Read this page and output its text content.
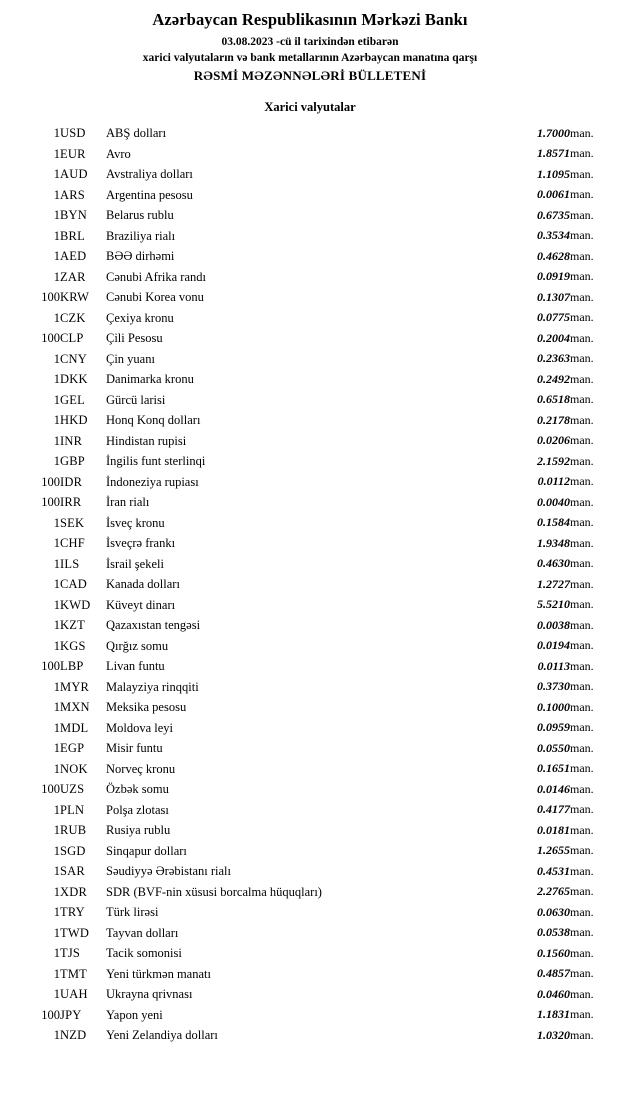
Azərbaycan Respublikasının Mərkəzi Bankı
03.08.2023 -cü il tarixindən etibarən
xarici valyutaların və bank metallarının Azərbaycan manatına qarşı
RƏSMİ MƏZƏNNƏLƏRİ BÜLLETENİ
Xarici valyutalar
1	USD	ABŞ dolları	1.7000	man.
1	EUR	Avro	1.8571	man.
1	AUD	Avstraliya dolları	1.1095	man.
1	ARS	Argentina pesosu	0.0061	man.
1	BYN	Belarus rublu	0.6735	man.
1	BRL	Braziliya rialı	0.3534	man.
1	AED	BƏƏ dirhəmi	0.4628	man.
1	ZAR	Cənubi Afrika randı	0.0919	man.
100	KRW	Cənubi Korea vonu	0.1307	man.
1	CZK	Çexiya kronu	0.0775	man.
100	CLP	Çili Pesosu	0.2004	man.
1	CNY	Çin yuanı	0.2363	man.
1	DKK	Danimarka kronu	0.2492	man.
1	GEL	Gürcü larisi	0.6518	man.
1	HKD	Honq Konq dolları	0.2178	man.
1	INR	Hindistan rupisi	0.0206	man.
1	GBP	İngilis funt sterlinqi	2.1592	man.
100	IDR	İndoneziya rupiası	0.0112	man.
100	IRR	İran rialı	0.0040	man.
1	SEK	İsveç kronu	0.1584	man.
1	CHF	İsveçrə frankı	1.9348	man.
1	ILS	İsrail şekeli	0.4630	man.
1	CAD	Kanada dolları	1.2727	man.
1	KWD	Küveyt dinarı	5.5210	man.
1	KZT	Qazaxıstan tengəsi	0.0038	man.
1	KGS	Qırğız somu	0.0194	man.
100	LBP	Livan funtu	0.0113	man.
1	MYR	Malayziya rinqqiti	0.3730	man.
1	MXN	Meksika pesosu	0.1000	man.
1	MDL	Moldova leyi	0.0959	man.
1	EGP	Misir funtu	0.0550	man.
1	NOK	Norveç kronu	0.1651	man.
100	UZS	Özbək somu	0.0146	man.
1	PLN	Polşa zlotası	0.4177	man.
1	RUB	Rusiya rublu	0.0181	man.
1	SGD	Sinqapur dolları	1.2655	man.
1	SAR	Səudiyyə Ərəbistanı rialı	0.4531	man.
1	XDR	SDR (BVF-nin xüsusi borcalma hüquqları)	2.2765	man.
1	TRY	Türk lirəsi	0.0630	man.
1	TWD	Tayvan dolları	0.0538	man.
1	TJS	Tacik somonisi	0.1560	man.
1	TMT	Yeni türkmən manatı	0.4857	man.
1	UAH	Ukrayna qrivnası	0.0460	man.
100	JPY	Yapon yeni	1.1831	man.
1	NZD	Yeni Zelandiya dolları	1.0320	man.
